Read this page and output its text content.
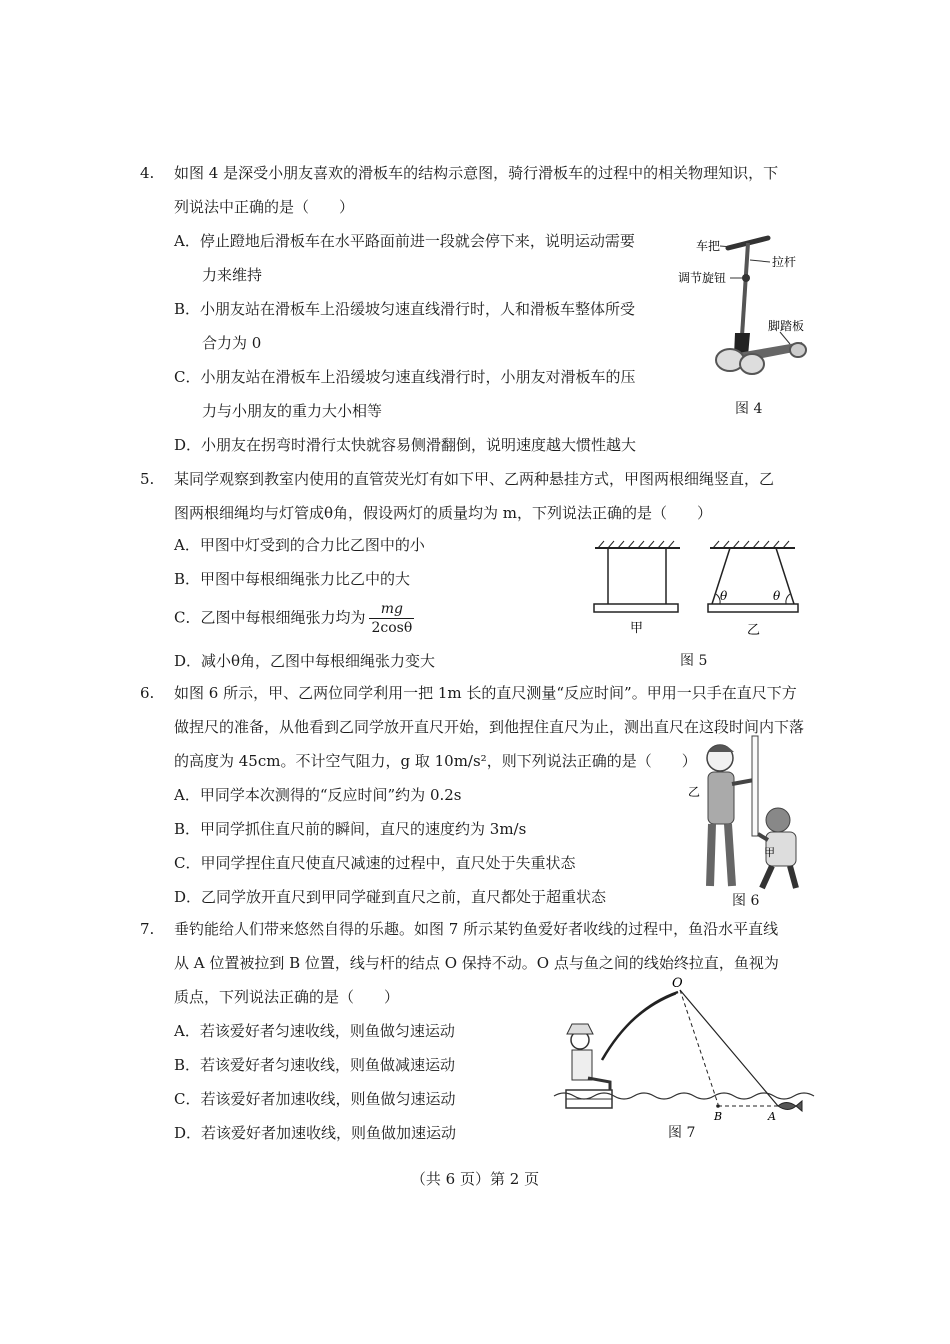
4. 如图 4 是深受小朋友喜欢的滑板车的结构示意图，骑行滑板车的过程中的相关物理知识，下
列说法中正确的是（　　）
A．停止蹬地后滑板车在水平路面前进一段就会停下来，说明运动需要
力来维持
B．小朋友站在滑板车上沿缓坡匀速直线滑行时，人和滑板车整体所受
合力为 0
C．小朋友站在滑板车上沿缓坡匀速直线滑行时，小朋友对滑板车的压
力与小朋友的重力大小相等
D．小朋友在拐弯时滑行太快就容易侧滑翻倒，说明速度越大惯性越大
车把
拉杆
调节旋钮
脚踏板
图 4
5. 某同学观察到教室内使用的直管荧光灯有如下甲、乙两种悬挂方式，甲图两根细绳竖直，乙
图两根细绳均与灯管成θ角，假设两灯的质量均为 m，下列说法正确的是（　　）
A．甲图中灯受到的合力比乙图中的小
B．甲图中每根细绳张力比乙中的大
C．乙图中每根细绳张力均为 $\frac{mg}{2\cos\theta}$
D．减小θ角，乙图中每根细绳张力变大
θ	θ
甲	乙
图 5
6. 如图 6 所示，甲、乙两位同学利用一把 1m 长的直尺测量“反应时间”。甲用一只手在直尺下方
做捏尺的准备，从他看到乙同学放开直尺开始，到他捏住直尺为止，测出直尺在这段时间内下落
的高度为 45cm。不计空气阻力，g 取 10m/s²，则下列说法正确的是（　　）
A．甲同学本次测得的“反应时间”约为 0.2s
B．甲同学抓住直尺前的瞬间，直尺的速度约为 3m/s
C．甲同学捏住直尺使直尺减速的过程中，直尺处于失重状态
D．乙同学放开直尺到甲同学碰到直尺之前，直尺都处于超重状态
乙
甲
图 6
7. 垂钓能给人们带来悠然自得的乐趣。如图 7 所示某钓鱼爱好者收线的过程中，鱼沿水平直线
从 A 位置被拉到 B 位置，线与杆的结点 O 保持不动。O 点与鱼之间的线始终拉直，鱼视为
质点，下列说法正确的是（　　）
A．若该爱好者匀速收线，则鱼做匀速运动
B．若该爱好者匀速收线，则鱼做减速运动
C．若该爱好者加速收线，则鱼做匀速运动
D．若该爱好者加速收线，则鱼做加速运动
O
B	A
图 7
（共 6 页）第 2 页
